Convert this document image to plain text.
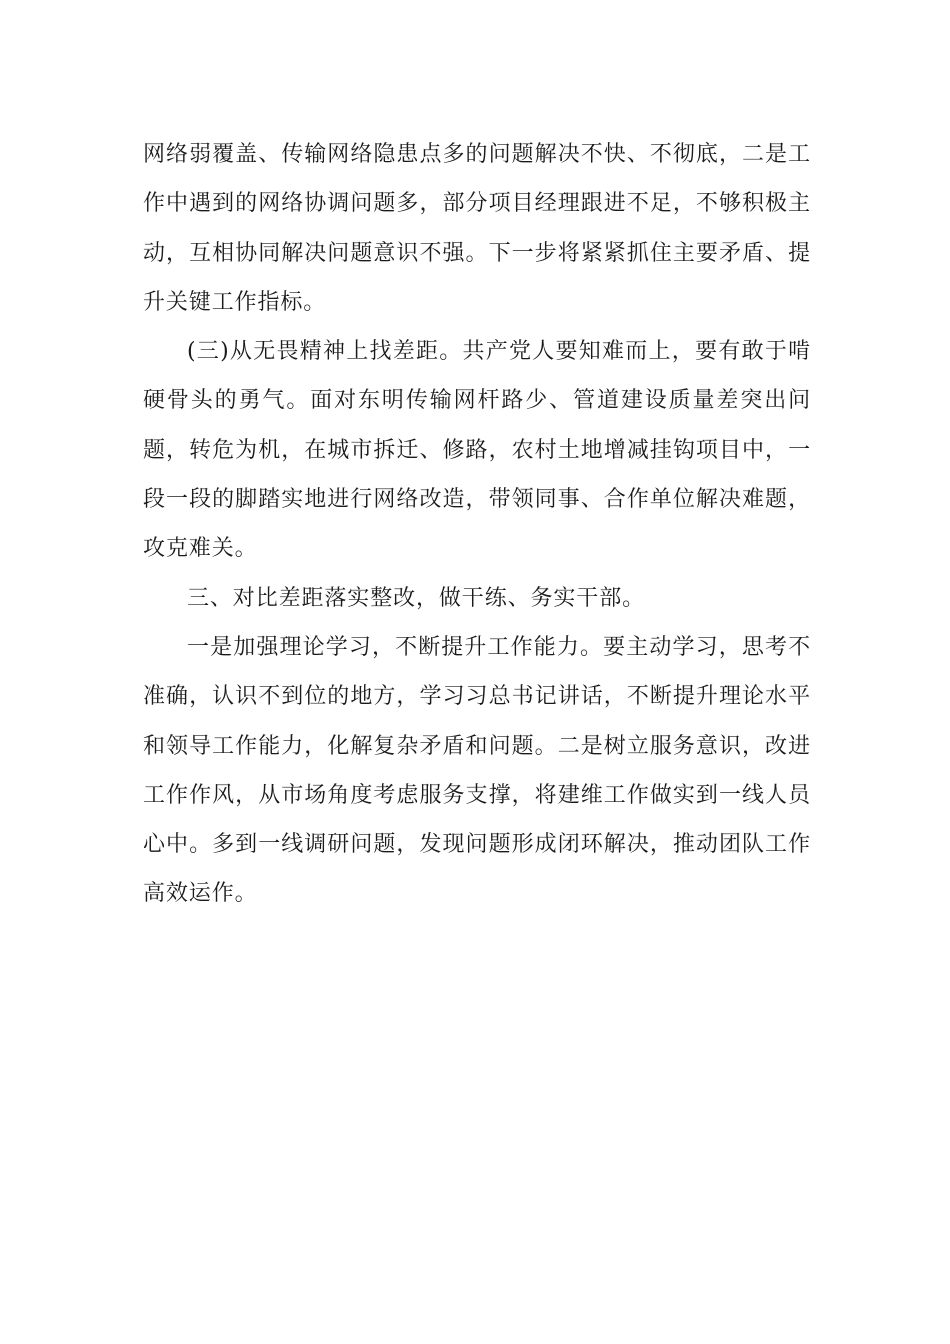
网络弱覆盖、传输网络隐患点多的问题解决不快、不彻底，二是工作中遇到的网络协调问题多，部分项目经理跟进不足，不够积极主动，互相协同解决问题意识不强。下一步将紧紧抓住主要矛盾、提升关键工作指标。

(三)从无畏精神上找差距。共产党人要知难而上，要有敢于啃硬骨头的勇气。面对东明传输网杆路少、管道建设质量差突出问题，转危为机，在城市拆迁、修路，农村土地增减挂钩项目中，一段一段的脚踏实地进行网络改造，带领同事、合作单位解决难题，攻克难关。

三、对比差距落实整改，做干练、务实干部。

一是加强理论学习，不断提升工作能力。要主动学习，思考不准确，认识不到位的地方，学习习总书记讲话，不断提升理论水平和领导工作能力，化解复杂矛盾和问题。二是树立服务意识，改进工作作风，从市场角度考虑服务支撑，将建维工作做实到一线人员心中。多到一线调研问题，发现问题形成闭环解决，推动团队工作高效运作。
